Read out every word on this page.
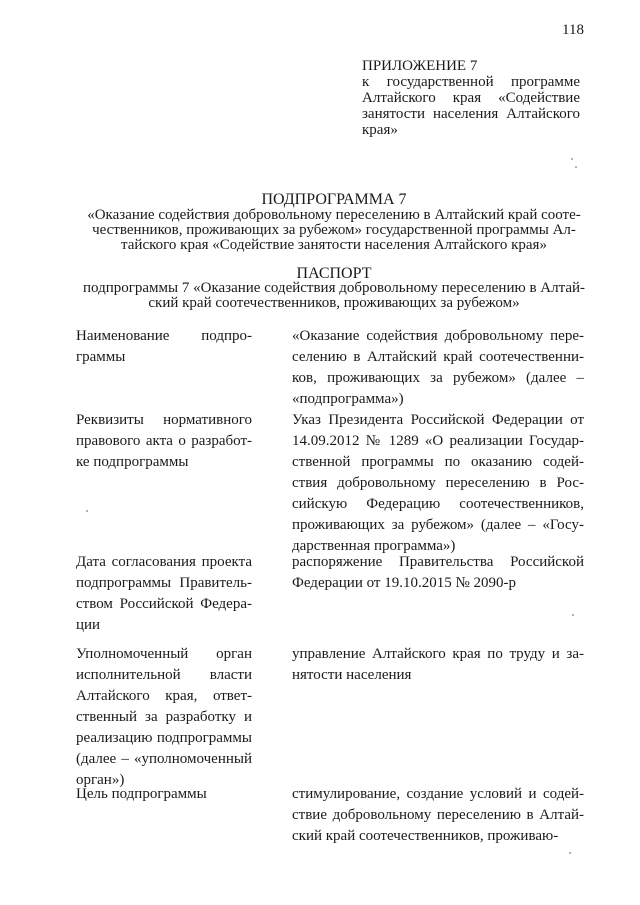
118
ПРИЛОЖЕНИЕ 7
к государственной программе Алтайского края «Содействие занятости населения Алтайского края»
ПОДПРОГРАММА 7
«Оказание содействия добровольному переселению в Алтайский край сооте-
чественников, проживающих за рубежом» государственной программы Ал-
тайского края «Содействие занятости населения Алтайского края»
ПАСПОРТ
подпрограммы 7 «Оказание содействия добровольному переселению в Алтай-
ский край соотечественников, проживающих за рубежом»
Наименование подпро-граммы
«Оказание содействия добровольному пере-селению в Алтайский край соотечественни-ков, проживающих за рубежом» (далее – «подпрограмма»)
Реквизиты нормативного правового акта о разработ-ке подпрограммы
Указ Президента Российской Федерации от 14.09.2012 № 1289 «О реализации Государ-ственной программы по оказанию содей-ствия добровольному переселению в Рос-сийскую Федерацию соотечественников, проживающих за рубежом» (далее – «Госу-дарственная программа»)
Дата согласования проекта подпрограммы Правитель-ством Российской Федера-ции
распоряжение Правительства Российской Федерации от 19.10.2015 № 2090-р
Уполномоченный орган исполнительной власти Алтайского края, ответ-ственный за разработку и реализацию подпрограммы (далее – «уполномоченный орган»)
управление Алтайского края по труду и за-нятости населения
Цель подпрограммы	стимулирование, создание условий и содей-ствие добровольному переселению в Алтай-ский край соотечественников, проживаю-
